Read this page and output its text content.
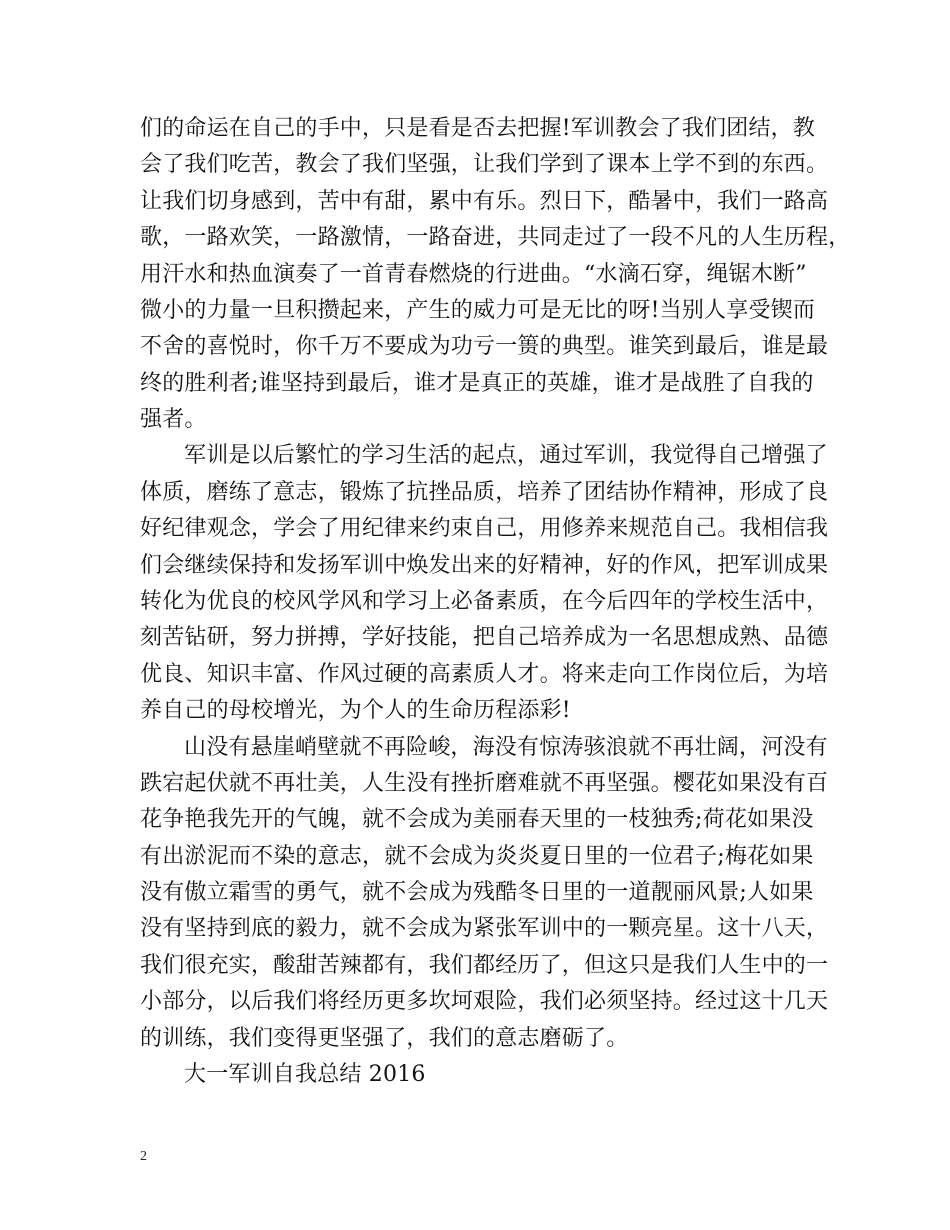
们的命运在自己的手中，只是看是否去把握!军训教会了我们团结，教
会了我们吃苦，教会了我们坚强，让我们学到了课本上学不到的东西。
让我们切身感到，苦中有甜，累中有乐。烈日下，酷暑中，我们一路高
歌，一路欢笑，一路激情，一路奋进，共同走过了一段不凡的人生历程，
用汗水和热血演奏了一首青春燃烧的行进曲。“水滴石穿，绳锯木断”
微小的力量一旦积攒起来，产生的威力可是无比的呀!当别人享受锲而
不舍的喜悦时，你千万不要成为功亏一篑的典型。谁笑到最后，谁是最
终的胜利者;谁坚持到最后，谁才是真正的英雄，谁才是战胜了自我的
强者。
军训是以后繁忙的学习生活的起点，通过军训，我觉得自己增强了
体质，磨练了意志，锻炼了抗挫品质，培养了团结协作精神，形成了良
好纪律观念，学会了用纪律来约束自己，用修养来规范自己。我相信我
们会继续保持和发扬军训中焕发出来的好精神，好的作风，把军训成果
转化为优良的校风学风和学习上必备素质，在今后四年的学校生活中，
刻苦钻研，努力拼搏，学好技能，把自己培养成为一名思想成熟、品德
优良、知识丰富、作风过硬的高素质人才。将来走向工作岗位后，为培
养自己的母校增光，为个人的生命历程添彩!
山没有悬崖峭壁就不再险峻，海没有惊涛骇浪就不再壮阔，河没有
跌宕起伏就不再壮美，人生没有挫折磨难就不再坚强。樱花如果没有百
花争艳我先开的气魄，就不会成为美丽春天里的一枝独秀;荷花如果没
有出淤泥而不染的意志，就不会成为炎炎夏日里的一位君子;梅花如果
没有傲立霜雪的勇气，就不会成为残酷冬日里的一道靓丽风景;人如果
没有坚持到底的毅力，就不会成为紧张军训中的一颗亮星。这十八天，
我们很充实，酸甜苦辣都有，我们都经历了，但这只是我们人生中的一
小部分，以后我们将经历更多坎坷艰险，我们必须坚持。经过这十几天
的训练，我们变得更坚强了，我们的意志磨砺了。
大一军训自我总结 2016
2
